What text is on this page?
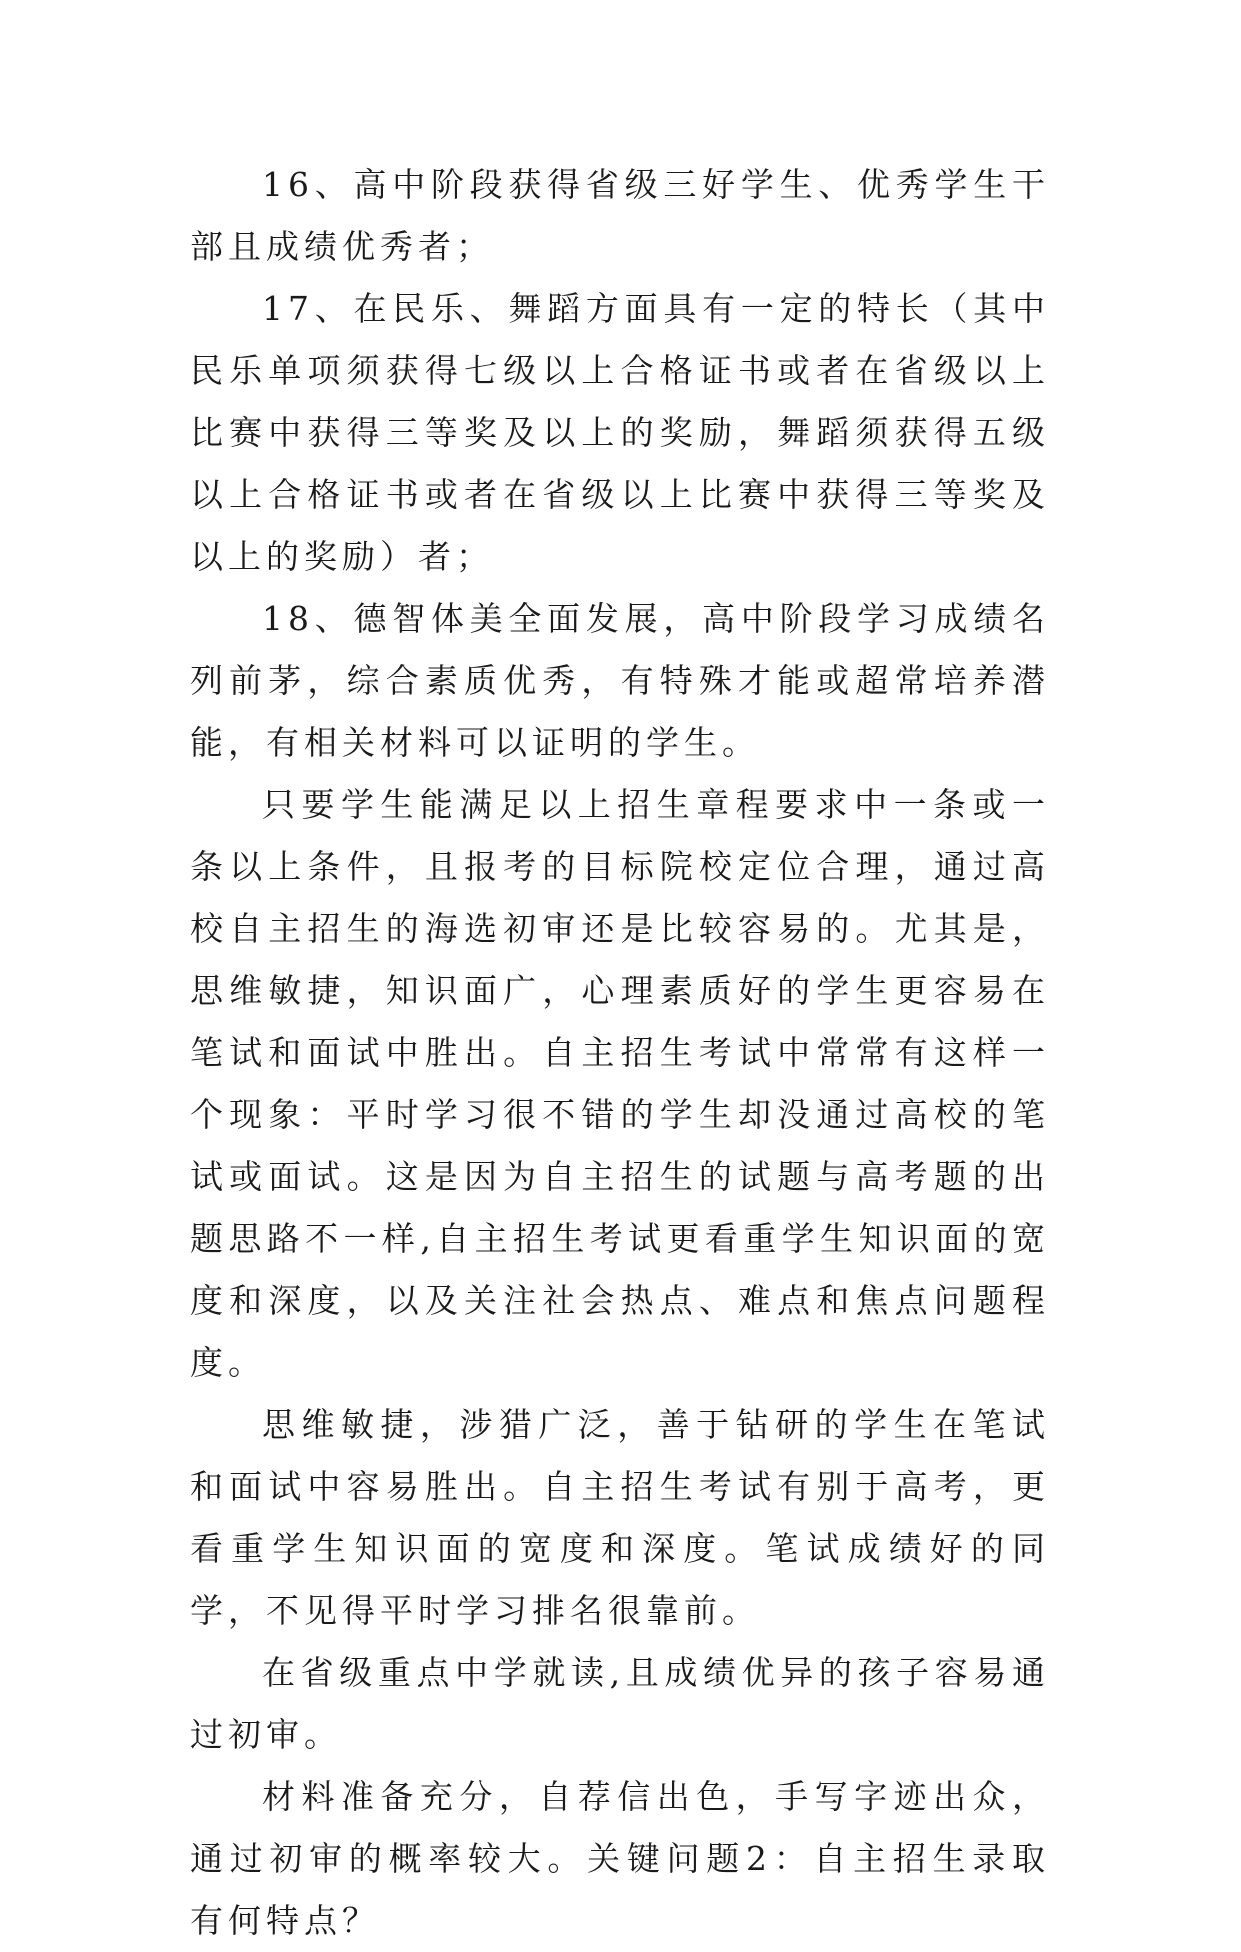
16、高中阶段获得省级三好学生、优秀学生干部且成绩优秀者；

17、在民乐、舞蹈方面具有一定的特长（其中民乐单项须获得七级以上合格证书或者在省级以上比赛中获得三等奖及以上的奖励，舞蹈须获得五级以上合格证书或者在省级以上比赛中获得三等奖及以上的奖励）者；

18、德智体美全面发展，高中阶段学习成绩名列前茅，综合素质优秀，有特殊才能或超常培养潜能，有相关材料可以证明的学生。

只要学生能满足以上招生章程要求中一条或一条以上条件，且报考的目标院校定位合理，通过高校自主招生的海选初审还是比较容易的。尤其是，思维敏捷，知识面广，心理素质好的学生更容易在笔试和面试中胜出。自主招生考试中常常有这样一个现象：平时学习很不错的学生却没通过高校的笔试或面试。这是因为自主招生的试题与高考题的出题思路不一样,自主招生考试更看重学生知识面的宽度和深度，以及关注社会热点、难点和焦点问题程度。

思维敏捷，涉猎广泛，善于钻研的学生在笔试和面试中容易胜出。自主招生考试有别于高考，更看重学生知识面的宽度和深度。笔试成绩好的同学，不见得平时学习排名很靠前。

在省级重点中学就读,且成绩优异的孩子容易通过初审。

材料准备充分，自荐信出色，手写字迹出众，通过初审的概率较大。关键问题2：自主招生录取有何特点？
